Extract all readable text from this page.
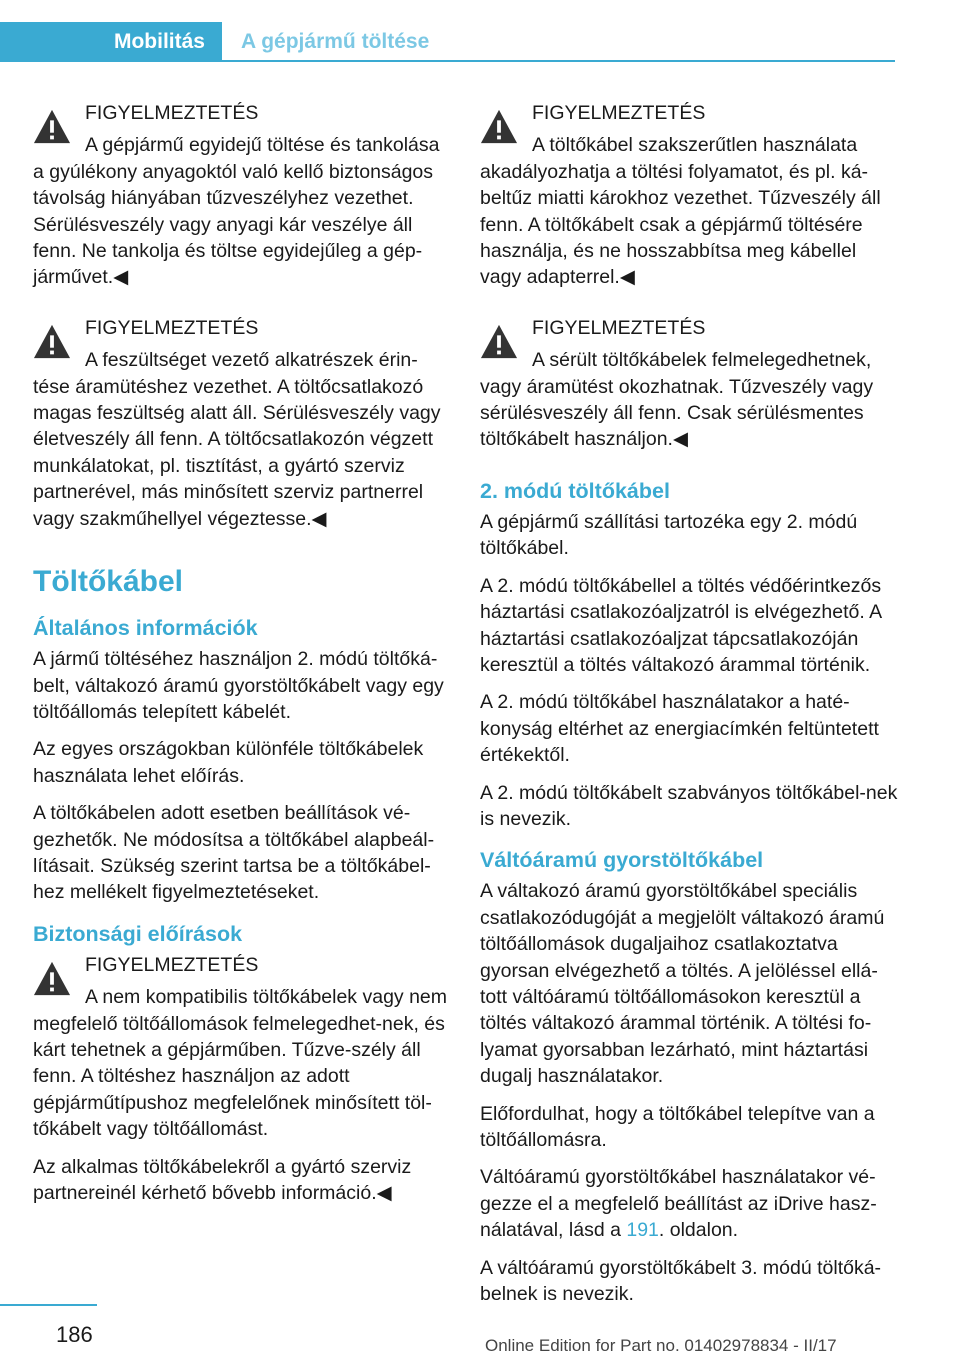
Mobilitás	A gépjármű töltése
FIGYELMEZTETÉS

A gépjármű egyidejű töltése és tankolása a gyúlékony anyagoktól való kellő biztonságos távolság hiányában tűzveszélyhez vezethet. Sérülésveszély vagy anyagi kár veszélye áll fenn. Ne tankolja és töltse egyidejűleg a gép-járművet.◀

FIGYELMEZTETÉS

A feszültséget vezető alkatrészek érin-tése áramütéshez vezethet. A töltőcsatlakozó magas feszültség alatt áll. Sérülésveszély vagy életveszély áll fenn. A töltőcsatlakozón végzett munkálatokat, pl. tisztítást, a gyártó szerviz partnerével, más minősített szerviz partnerrel vagy szakműhellyel végeztesse.◀

Töltőkábel
Általános információk

A jármű töltéséhez használjon 2. módú töltőká-belt, váltakozó áramú gyorstöltőkábelt vagy egy töltőállomás telepített kábelét.

Az egyes országokban különféle töltőkábelek használata lehet előírás.

A töltőkábelen adott esetben beállítások vé-gezhetők. Ne módosítsa a töltőkábel alapbeál-lításait. Szükség szerint tartsa be a töltőkábel-hez mellékelt figyelmeztetéseket.

Biztonsági előírások
FIGYELMEZTETÉS

A nem kompatibilis töltőkábelek vagy nem megfelelő töltőállomások felmelegedhet-nek, és kárt tehetnek a gépjárműben. Tűzve-szély áll fenn. A töltéshez használjon az adott gépjárműtípushoz megfelelőnek minősített töl-tőkábelt vagy töltőállomást.

Az alkalmas töltőkábelekről a gyártó szerviz partnereinél kérhető bővebb információ.◀

FIGYELMEZTETÉS

A töltőkábel szakszerűtlen használata akadályozhatja a töltési folyamatot, és pl. ká-beltűz miatti károkhoz vezethet. Tűzveszély áll fenn. A töltőkábelt csak a gépjármű töltésére használja, és ne hosszabbítsa meg kábellel vagy adapterrel.◀

FIGYELMEZTETÉS

A sérült töltőkábelek felmelegedhetnek, vagy áramütést okozhatnak. Tűzveszély vagy sérülésveszély áll fenn. Csak sérülésmentes töltőkábelt használjon.◀

2. módú töltőkábel

A gépjármű szállítási tartozéka egy 2. módú töltőkábel.

A 2. módú töltőkábellel a töltés védőérintkezős háztartási csatlakozóaljzatról is elvégezhető. A háztartási csatlakozóaljzat tápcsatlakozóján keresztül a töltés váltakozó árammal történik.

A 2. módú töltőkábel használatakor a haté-konyság eltérhet az energiacímkén feltüntetett értékektől.

A 2. módú töltőkábelt szabványos töltőkábel-nek is nevezik.

Váltóáramú gyorstöltőkábel

A váltakozó áramú gyorstöltőkábel speciális csatlakozódugóját a megjelölt váltakozó áramú töltőállomások dugaljaihoz csatlakoztatva gyorsan elvégezhető a töltés. A jelöléssel ellá-tott váltóáramú töltőállomásokon keresztül a töltés váltakozó árammal történik. A töltési fo-lyamat gyorsabban lezárható, mint háztartási dugalj használatakor.

Előfordulhat, hogy a töltőkábel telepítve van a töltőállomásra.

Váltóáramú gyorstöltőkábel használatakor vé-gezze el a megfelelő beállítást az iDrive hasz-nálatával, lásd a 191. oldalon.

A váltóáramú gyorstöltőkábelt 3. módú töltőká-belnek is nevezik.

186	Online Edition for Part no. 01402978834 - II/17
